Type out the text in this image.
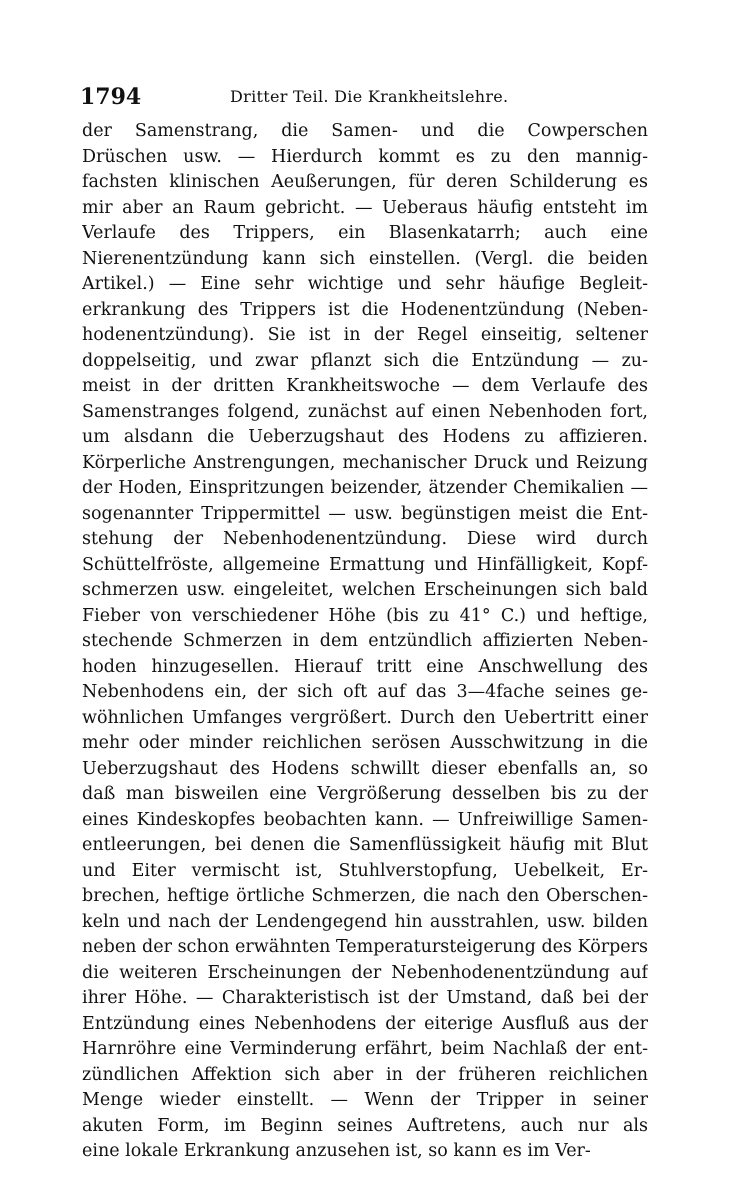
1794	Dritter Teil. Die Krankheitslehre.
der Samenstrang, die Samen- und die Cowperschen
Drüschen usw. — Hierdurch kommt es zu den mannig-
fachsten klinischen Aeußerungen, für deren Schilderung es
mir aber an Raum gebricht. — Ueberaus häufig entsteht im
Verlaufe des Trippers, ein Blasenkatarrh; auch eine
Nierenentzündung kann sich einstellen. (Vergl. die beiden
Artikel.) — Eine sehr wichtige und sehr häufige Begleit-
erkrankung des Trippers ist die Hodenentzündung (Neben-
hodenentzündung). Sie ist in der Regel einseitig, seltener
doppelseitig, und zwar pflanzt sich die Entzündung — zu-
meist in der dritten Krankheitswoche — dem Verlaufe des
Samenstranges folgend, zunächst auf einen Nebenhoden fort,
um alsdann die Ueberzugshaut des Hodens zu affizieren.
Körperliche Anstrengungen, mechanischer Druck und Reizung
der Hoden, Einspritzungen beizender, ätzender Chemikalien —
sogenannter Trippermittel — usw. begünstigen meist die Ent-
stehung der Nebenhodenentzündung. Diese wird durch
Schüttelfröste, allgemeine Ermattung und Hinfälligkeit, Kopf-
schmerzen usw. eingeleitet, welchen Erscheinungen sich bald
Fieber von verschiedener Höhe (bis zu 41° C.) und heftige,
stechende Schmerzen in dem entzündlich affizierten Neben-
hoden hinzugesellen. Hierauf tritt eine Anschwellung des
Nebenhodens ein, der sich oft auf das 3—4fache seines ge-
wöhnlichen Umfanges vergrößert. Durch den Uebertritt einer
mehr oder minder reichlichen serösen Ausschwitzung in die
Ueberzugshaut des Hodens schwillt dieser ebenfalls an, so
daß man bisweilen eine Vergrößerung desselben bis zu der
eines Kindeskopfes beobachten kann. — Unfreiwillige Samen-
entleerungen, bei denen die Samenflüssigkeit häufig mit Blut
und Eiter vermischt ist, Stuhlverstopfung, Uebelkeit, Er-
brechen, heftige örtliche Schmerzen, die nach den Oberschen-
keln und nach der Lendengegend hin ausstrahlen, usw. bilden
neben der schon erwähnten Temperatursteigerung des Körpers
die weiteren Erscheinungen der Nebenhodenentzündung auf
ihrer Höhe. — Charakteristisch ist der Umstand, daß bei der
Entzündung eines Nebenhodens der eiterige Ausfluß aus der
Harnröhre eine Verminderung erfährt, beim Nachlaß der ent-
zündlichen Affektion sich aber in der früheren reichlichen
Menge wieder einstellt. — Wenn der Tripper in seiner
akuten Form, im Beginn seines Auftretens, auch nur als
eine lokale Erkrankung anzusehen ist, so kann es im Ver-
